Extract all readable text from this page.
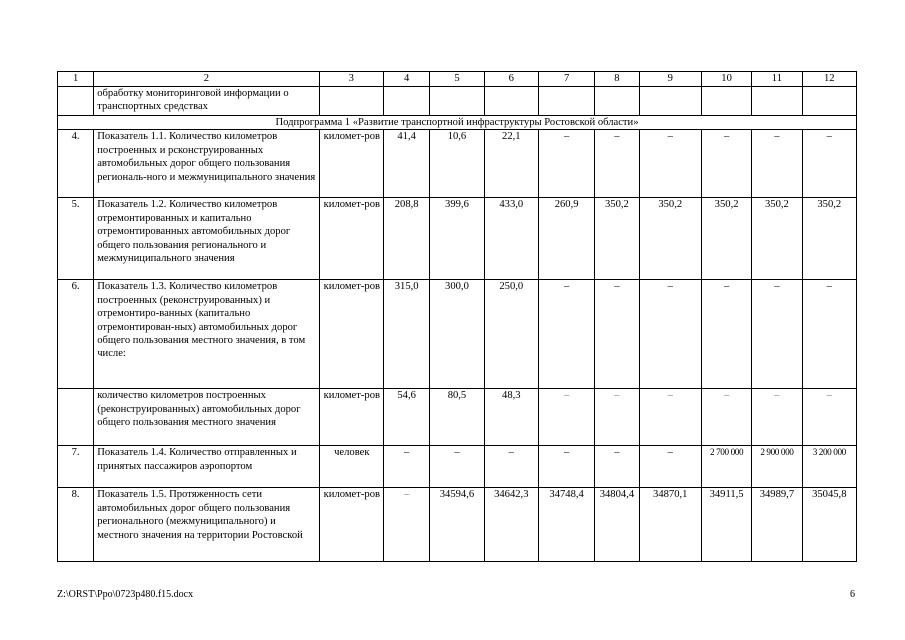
1	2	3	4	5	6	7	8	9	10	11	12
	обработку мониторинговой информации о транспортных средствах										
Подпрограмма 1 «Развитие транспортной инфраструктуры Ростовской области»											
4.	Показатель 1.1. Количество километров построенных и рсконструированных автомобильных дорог общего пользования региональ-ного и межмуниципального значения	километ-ров	41,4	10,6	22,1	–	–	–	–	–	–
5.	Показатель 1.2. Количество километров отремонтированных и капитально отремонтированных автомобильных дорог общего пользования регионального и межмуниципального значения	километ-ров	208,8	399,6	433,0	260,9	350,2	350,2	350,2	350,2	350,2
6.	Показатель 1.3. Количество километров построенных (реконструированных) и отремонтиро-ванных (капитально отремонтирован-ных) автомобильных дорог общего пользования местного значения, в том числе:	километ-ров	315,0	300,0	250,0	–	–	–	–	–	–
	количество километров построенных (реконструированных) автомобильных дорог общего пользования местного значения	километ-ров	54,6	80,5	48,3	–	–	–	–	–	–
7.	Показатель 1.4. Количество отправленных и принятых пассажиров аэропортом	человек	–	–	–	–	–	–	2 700 000	2 900 000	3 200 000
8.	Показатель 1.5. Протяженность сети автомобильных дорог общего пользования регионального (межмуниципального) и местного значения на территории Ростовской	километ-ров	–	34594,6	34642,3	34748,4	34804,4	34870,1	34911,5	34989,7	35045,8
Z:\ORST\Ppo\0723p480.f15.docx	6
